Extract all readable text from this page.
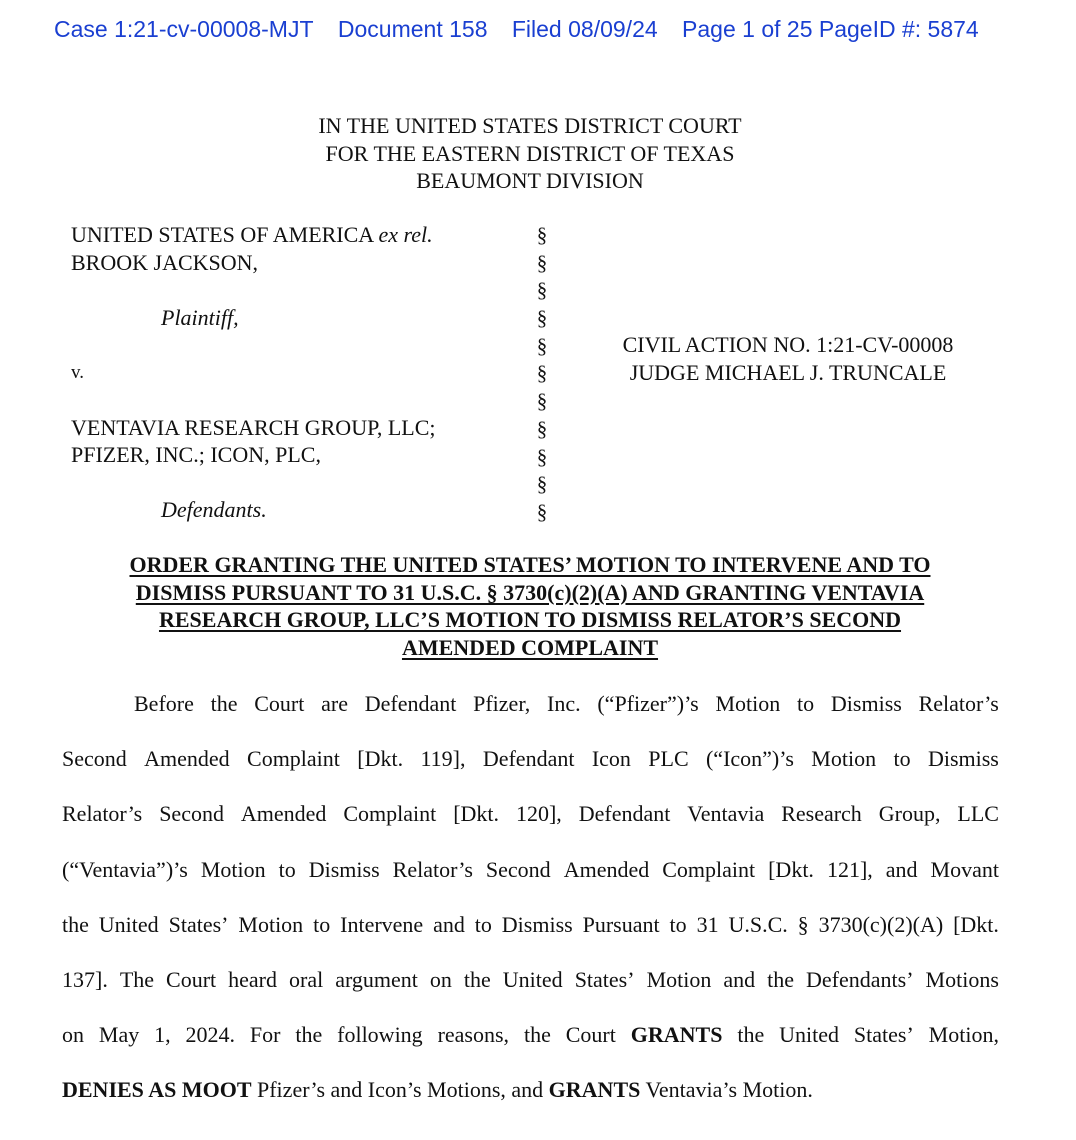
Case 1:21-cv-00008-MJT Document 158 Filed 08/09/24 Page 1 of 25 PageID #: 5874
IN THE UNITED STATES DISTRICT COURT
FOR THE EASTERN DISTRICT OF TEXAS
BEAUMONT DIVISION
UNITED STATES OF AMERICA ex rel.
BROOK JACKSON,
Plaintiff,
v.
VENTAVIA RESEARCH GROUP, LLC;
PFIZER, INC.; ICON, PLC,
Defendants.
§
§
§
§
§
§
§
§
§
§
§
CIVIL ACTION NO. 1:21-CV-00008
JUDGE MICHAEL J. TRUNCALE
ORDER GRANTING THE UNITED STATES’ MOTION TO INTERVENE AND TO
DISMISS PURSUANT TO 31 U.S.C. § 3730(c)(2)(A) AND GRANTING VENTAVIA
RESEARCH GROUP, LLC’S MOTION TO DISMISS RELATOR’S SECOND
AMENDED COMPLAINT
Before the Court are Defendant Pfizer, Inc. (“Pfizer”)’s Motion to Dismiss Relator’s
Second Amended Complaint [Dkt. 119], Defendant Icon PLC (“Icon”)’s Motion to Dismiss
Relator’s Second Amended Complaint [Dkt. 120], Defendant Ventavia Research Group, LLC
(“Ventavia”)’s Motion to Dismiss Relator’s Second Amended Complaint [Dkt. 121], and Movant
the United States’ Motion to Intervene and to Dismiss Pursuant to 31 U.S.C. § 3730(c)(2)(A) [Dkt.
137]. The Court heard oral argument on the United States’ Motion and the Defendants’ Motions
on May 1, 2024. For the following reasons, the Court GRANTS the United States’ Motion,
DENIES AS MOOT Pfizer’s and Icon’s Motions, and GRANTS Ventavia’s Motion.
